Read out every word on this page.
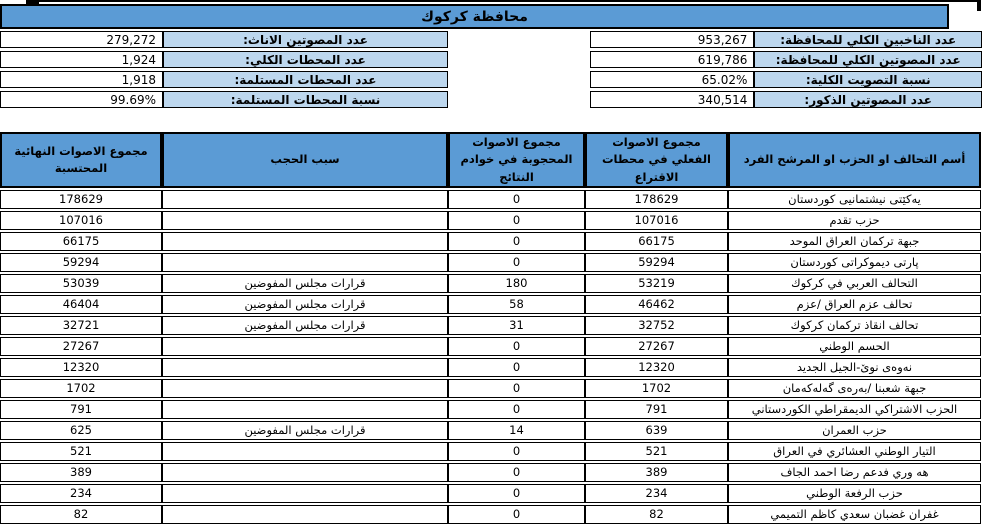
محافظة كركوك
عدد الناخبين الكلي للمحافظة:	953,267
عدد المصوتين الكلي للمحافظة:	619,786
نسبة التصويت الكلية:	65.02%
عدد المصوتين الذكور:	340,514
عدد المصوتين الاناث:	279,272
عدد المحطات الكلي:	1,924
عدد المحطات المستلمة:	1,918
نسبة المحطات المستلمة:	99.69%
أسم التحالف او الحزب او المرشح الفرد	مجموع الاصوات الفعلي في محطات الاقتراع	مجموع الاصوات المحجوبة في خوادم النتائج	سبب الحجب	مجموع الاصوات النهائية المحتسبة
یەكێتی نیشتمانیی كوردستان	178629	0		178629
حزب تقدم	107016	0		107016
جبهة تركمان العراق الموحد	66175	0		66175
پارتی دیموكراتی كوردستان	59294	0		59294
التحالف العربي في كركوك	53219	180	قرارات مجلس المفوضين	53039
تحالف عزم العراق /عزم	46462	58	قرارات مجلس المفوضين	46404
تحالف انقاذ تركمان كركوك	32752	31	قرارات مجلس المفوضين	32721
الحسم الوطني	27267	0		27267
نەوەى نوێ-الجيل الجديد	12320	0		12320
جبهة شعبنا /بەرەى گەلەكەمان	1702	0		1702
الحزب الاشتراكي الديمقراطي الكوردستاني	791	0		791
حزب العمران	639	14	قرارات مجلس المفوضين	625
التيار الوطني العشائري في العراق	521	0		521
هه وري فدعم رضا احمد الجاف	389	0		389
حزب الرفعة الوطني	234	0		234
غفران غضبان سعدي كاظم التميمي	82	0		82
